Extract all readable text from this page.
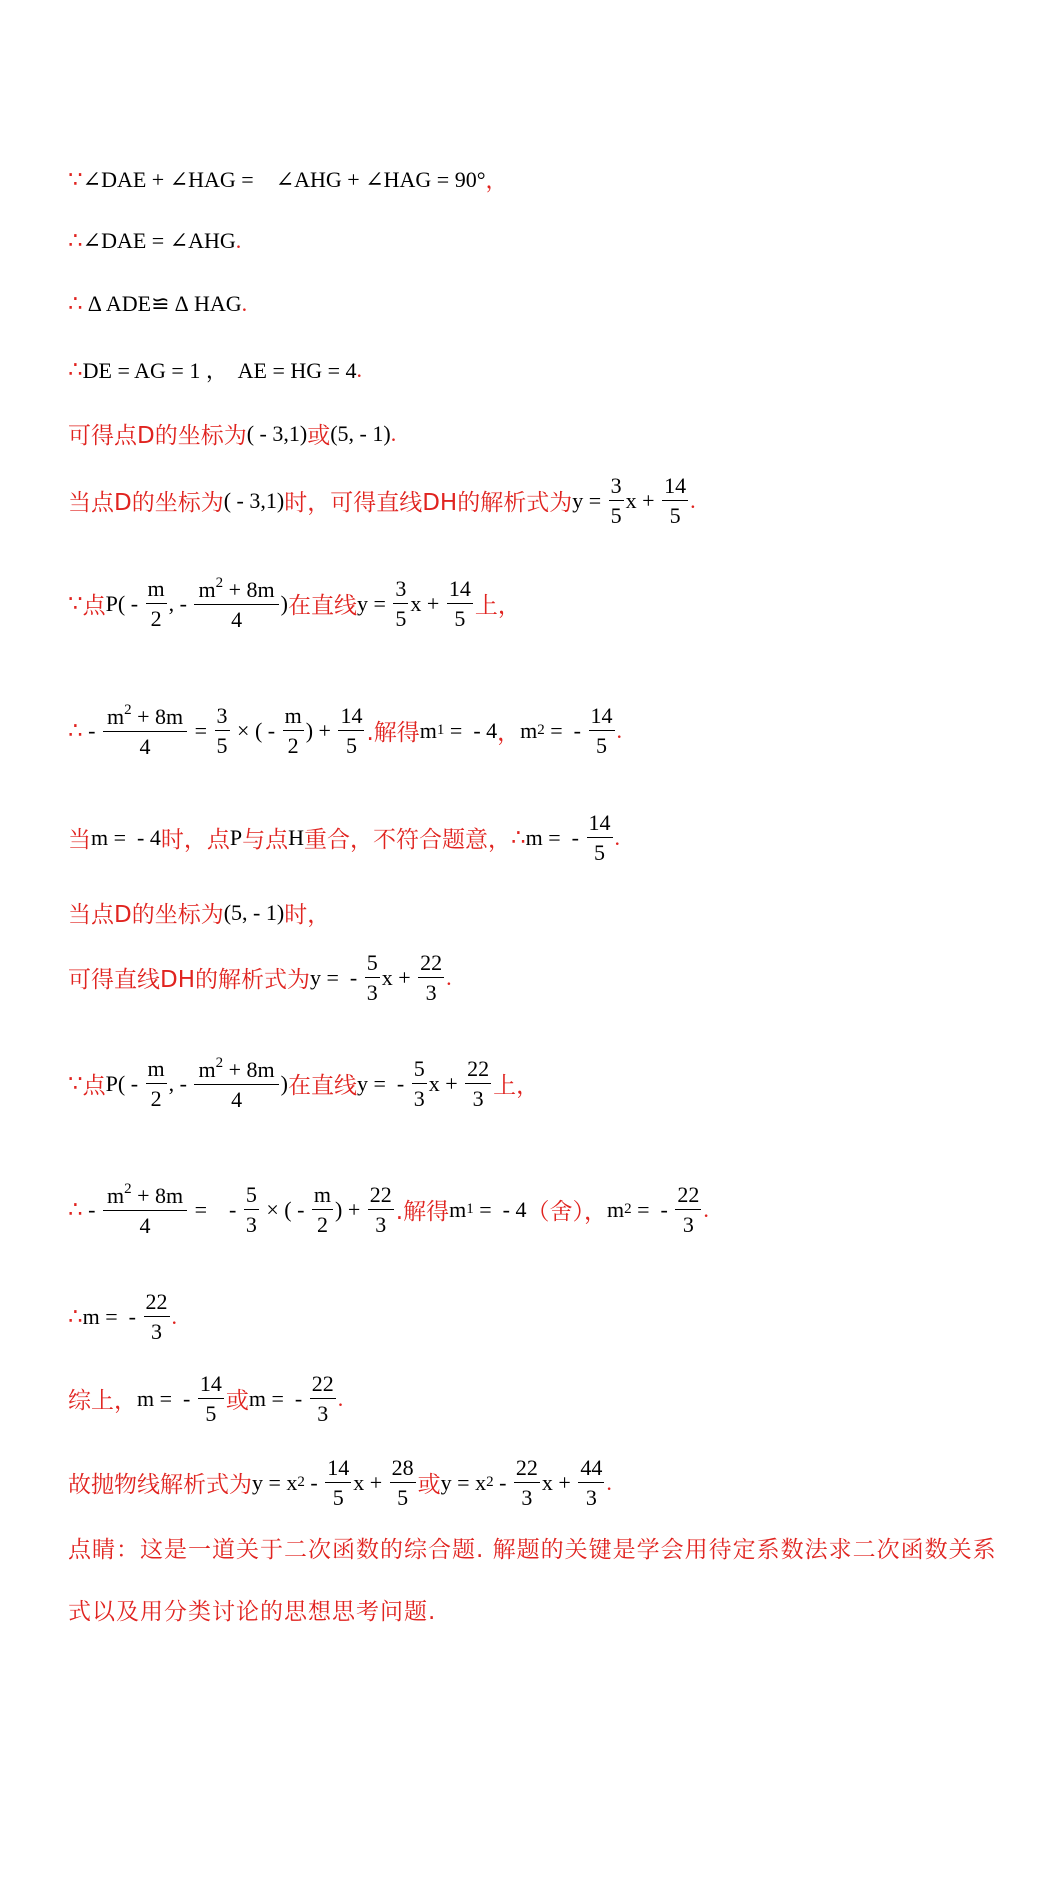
∵ ∠DAE + ∠HAG =    ∠AHG + ∠HAG = 90° ，
∴ ∠DAE = ∠AHG .
∴ ∆ ADE≌ ∆ HAG .
∴ DE = AG = 1 ，  AE = HG = 4 .
可得点D的坐标为 ( - 3,1) 或 (5, - 1) .
当点D的坐标为 ( - 3,1) 时，可得直线DH的解析式为 $y = \frac{3}{5}$ $x + \frac{14}{5}$ .
∵ 点 $P( - \frac{m}{2}$ , - $\frac{m^2 + 8m}{4}$ ) 在直线 $y = \frac{3}{5}$ $x + \frac{14}{5}$ 上，
∴ - $\frac{m^2 + 8m}{4} = \frac{3}{5}$ × ( - $\frac{m}{2}$ ) + $\frac{14}{5}$ .解得 m 1 =  - 4 ， m 2 =  - $\frac{14}{5}$ .
当 m =  - 4 时，点 P 与点 H 重合，不符合题意， ∴ m =  - $\frac{14}{5}$ .
当点D的坐标为 (5, - 1) 时，
可得直线DH的解析式为 y =  - $\frac{5}{3}$ $x + \frac{22}{3}$ .
∵ 点 $P( - \frac{m}{2}$ , - $\frac{m^2 + 8m}{4}$ ) 在直线 y =  - $\frac{5}{3}$ $x + \frac{22}{3}$ 上，
∴ - $\frac{m^2 + 8m}{4}$ =    - $\frac{5}{3}$ × ( - $\frac{m}{2}$ ) + $\frac{22}{3}$ .解得 m 1 =  - 4 （舍）， m 2 =  - $\frac{22}{3}$ .
∴ m =  - $\frac{22}{3}$ .
综上， m =  - $\frac{14}{5}$ 或 m =  - $\frac{22}{3}$ .
故抛物线解析式为 y = x $2 - \frac{14}{5}$ $x + \frac{28}{5}$ 或 y = x $2 - \frac{22}{3}$ $x + \frac{44}{3}$ .
点睛：这是一道关于二次函数的综合题. 解题的关键是学会用待定系数法求二次函数关系式以及用分类讨论的思想思考问题.
